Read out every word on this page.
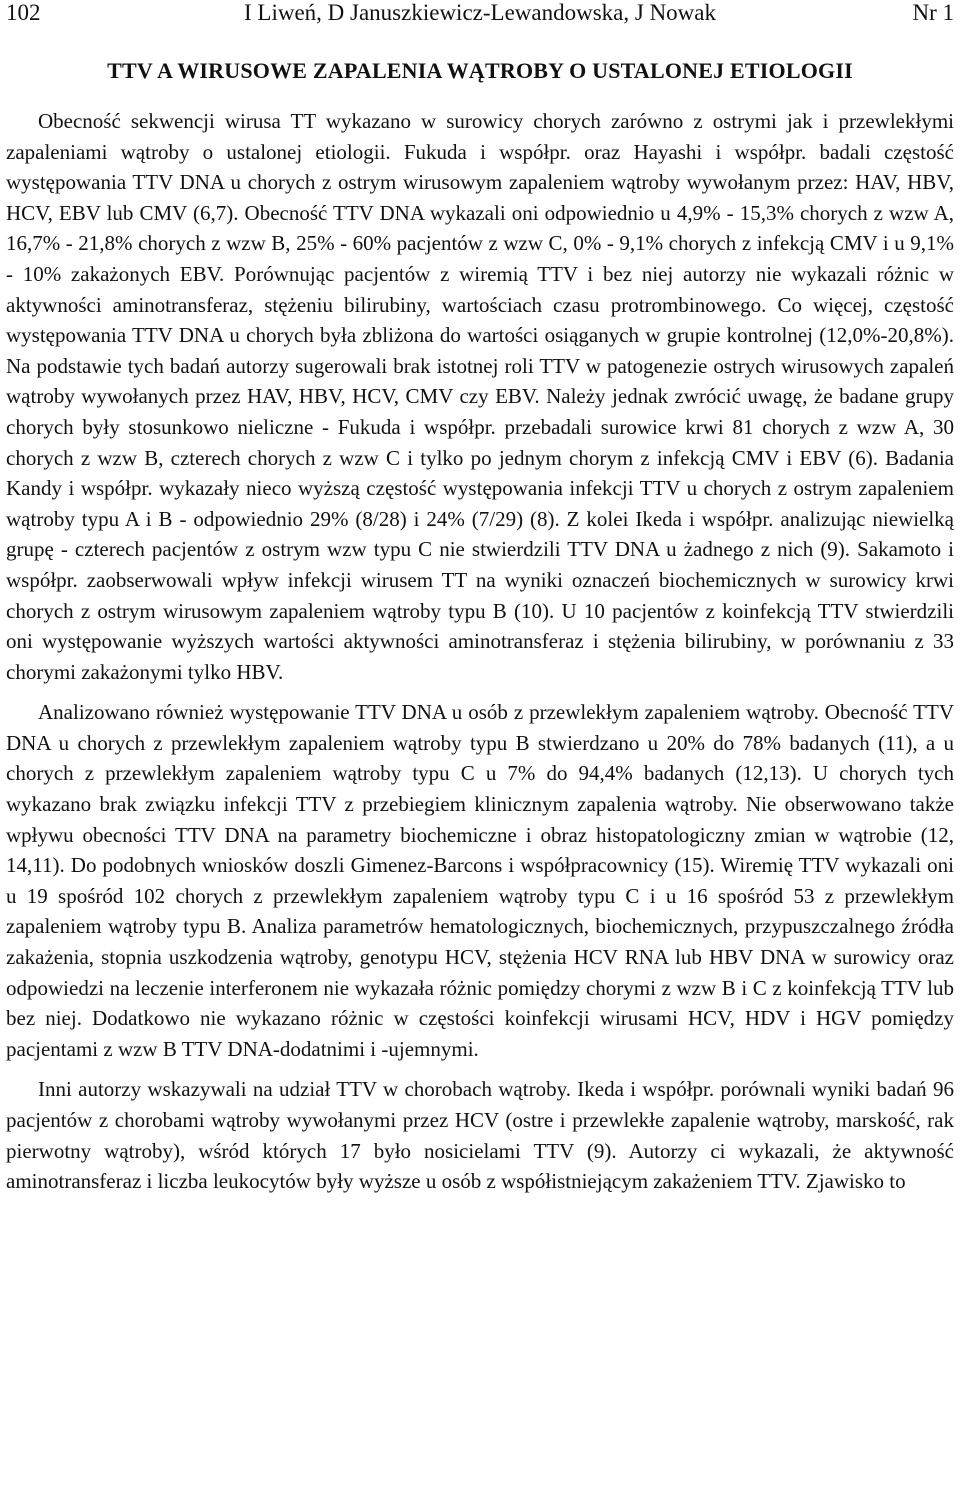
102	I Liweń, D Januszkiewicz-Lewandowska, J Nowak	Nr 1
TTV A WIRUSOWE ZAPALENIA WĄTROBY O USTALONEJ ETIOLOGII

Obecność sekwencji wirusa TT wykazano w surowicy chorych zarówno z ostrymi jak i przewlekłymi zapaleniami wątroby o ustalonej etiologii. Fukuda i współpr. oraz Hayashi i współpr. badali częstość występowania TTV DNA u chorych z ostrym wirusowym zapaleniem wątroby wywołanym przez: HAV, HBV, HCV, EBV lub CMV (6,7). Obecność TTV DNA wykazali oni odpowiednio u 4,9% - 15,3% chorych z wzw A, 16,7% - 21,8% chorych z wzw B, 25% - 60% pacjentów z wzw C, 0% - 9,1% chorych z infekcją CMV i u 9,1% - 10% zakażonych EBV. Porównując pacjentów z wiremią TTV i bez niej autorzy nie wykazali różnic w aktywności aminotransferaz, stężeniu bilirubiny, wartościach czasu protrombinowego. Co więcej, częstość występowania TTV DNA u chorych była zbliżona do wartości osiąganych w grupie kontrolnej (12,0%-20,8%). Na podstawie tych badań autorzy sugerowali brak istotnej roli TTV w patogenezie ostrych wirusowych zapaleń wątroby wywołanych przez HAV, HBV, HCV, CMV czy EBV. Należy jednak zwrócić uwagę, że badane grupy chorych były stosunkowo nieliczne - Fukuda i współpr. przebadali surowice krwi 81 chorych z wzw A, 30 chorych z wzw B, czterech chorych z wzw C i tylko po jednym chorym z infekcją CMV i EBV (6). Badania Kandy i współpr. wykazały nieco wyższą częstość występowania infekcji TTV u chorych z ostrym zapaleniem wątroby typu A i B - odpowiednio 29% (8/28) i 24% (7/29) (8). Z kolei Ikeda i współpr. analizując niewielką grupę - czterech pacjentów z ostrym wzw typu C nie stwierdzili TTV DNA u żadnego z nich (9). Sakamoto i współpr. zaobserwowali wpływ infekcji wirusem TT na wyniki oznaczeń biochemicznych w surowicy krwi chorych z ostrym wirusowym zapaleniem wątroby typu B (10). U 10 pacjentów z koinfekcją TTV stwierdzili oni występowanie wyższych wartości aktywności aminotransferaz i stężenia bilirubiny, w porównaniu z 33 chorymi zakażonymi tylko HBV.

Analizowano również występowanie TTV DNA u osób z przewlekłym zapaleniem wątroby. Obecność TTV DNA u chorych z przewlekłym zapaleniem wątroby typu B stwierdzano u 20% do 78% badanych (11), a u chorych z przewlekłym zapaleniem wątroby typu C u 7% do 94,4% badanych (12,13). U chorych tych wykazano brak związku infekcji TTV z przebiegiem klinicznym zapalenia wątroby. Nie obserwowano także wpływu obecności TTV DNA na parametry biochemiczne i obraz histopatologiczny zmian w wątrobie (12, 14,11). Do podobnych wniosków doszli Gimenez-Barcons i współpracownicy (15). Wiremię TTV wykazali oni u 19 spośród 102 chorych z przewlekłym zapaleniem wątroby typu C i u 16 spośród 53 z przewlekłym zapaleniem wątroby typu B. Analiza parametrów hematologicznych, biochemicznych, przypuszczalnego źródła zakażenia, stopnia uszkodzenia wątroby, genotypu HCV, stężenia HCV RNA lub HBV DNA w surowicy oraz odpowiedzi na leczenie interferonem nie wykazała różnic pomiędzy chorymi z wzw B i C z koinfekcją TTV lub bez niej. Dodatkowo nie wykazano różnic w częstości koinfekcji wirusami HCV, HDV i HGV pomiędzy pacjentami z wzw B TTV DNA-dodatnimi i -ujemnymi.

Inni autorzy wskazywali na udział TTV w chorobach wątroby. Ikeda i współpr. porównali wyniki badań 96 pacjentów z chorobami wątroby wywołanymi przez HCV (ostre i przewlekłe zapalenie wątroby, marskość, rak pierwotny wątroby), wśród których 17 było nosicielami TTV (9). Autorzy ci wykazali, że aktywność aminotransferaz i liczba leukocytów były wyższe u osób z współistniejącym zakażeniem TTV. Zjawisko to
